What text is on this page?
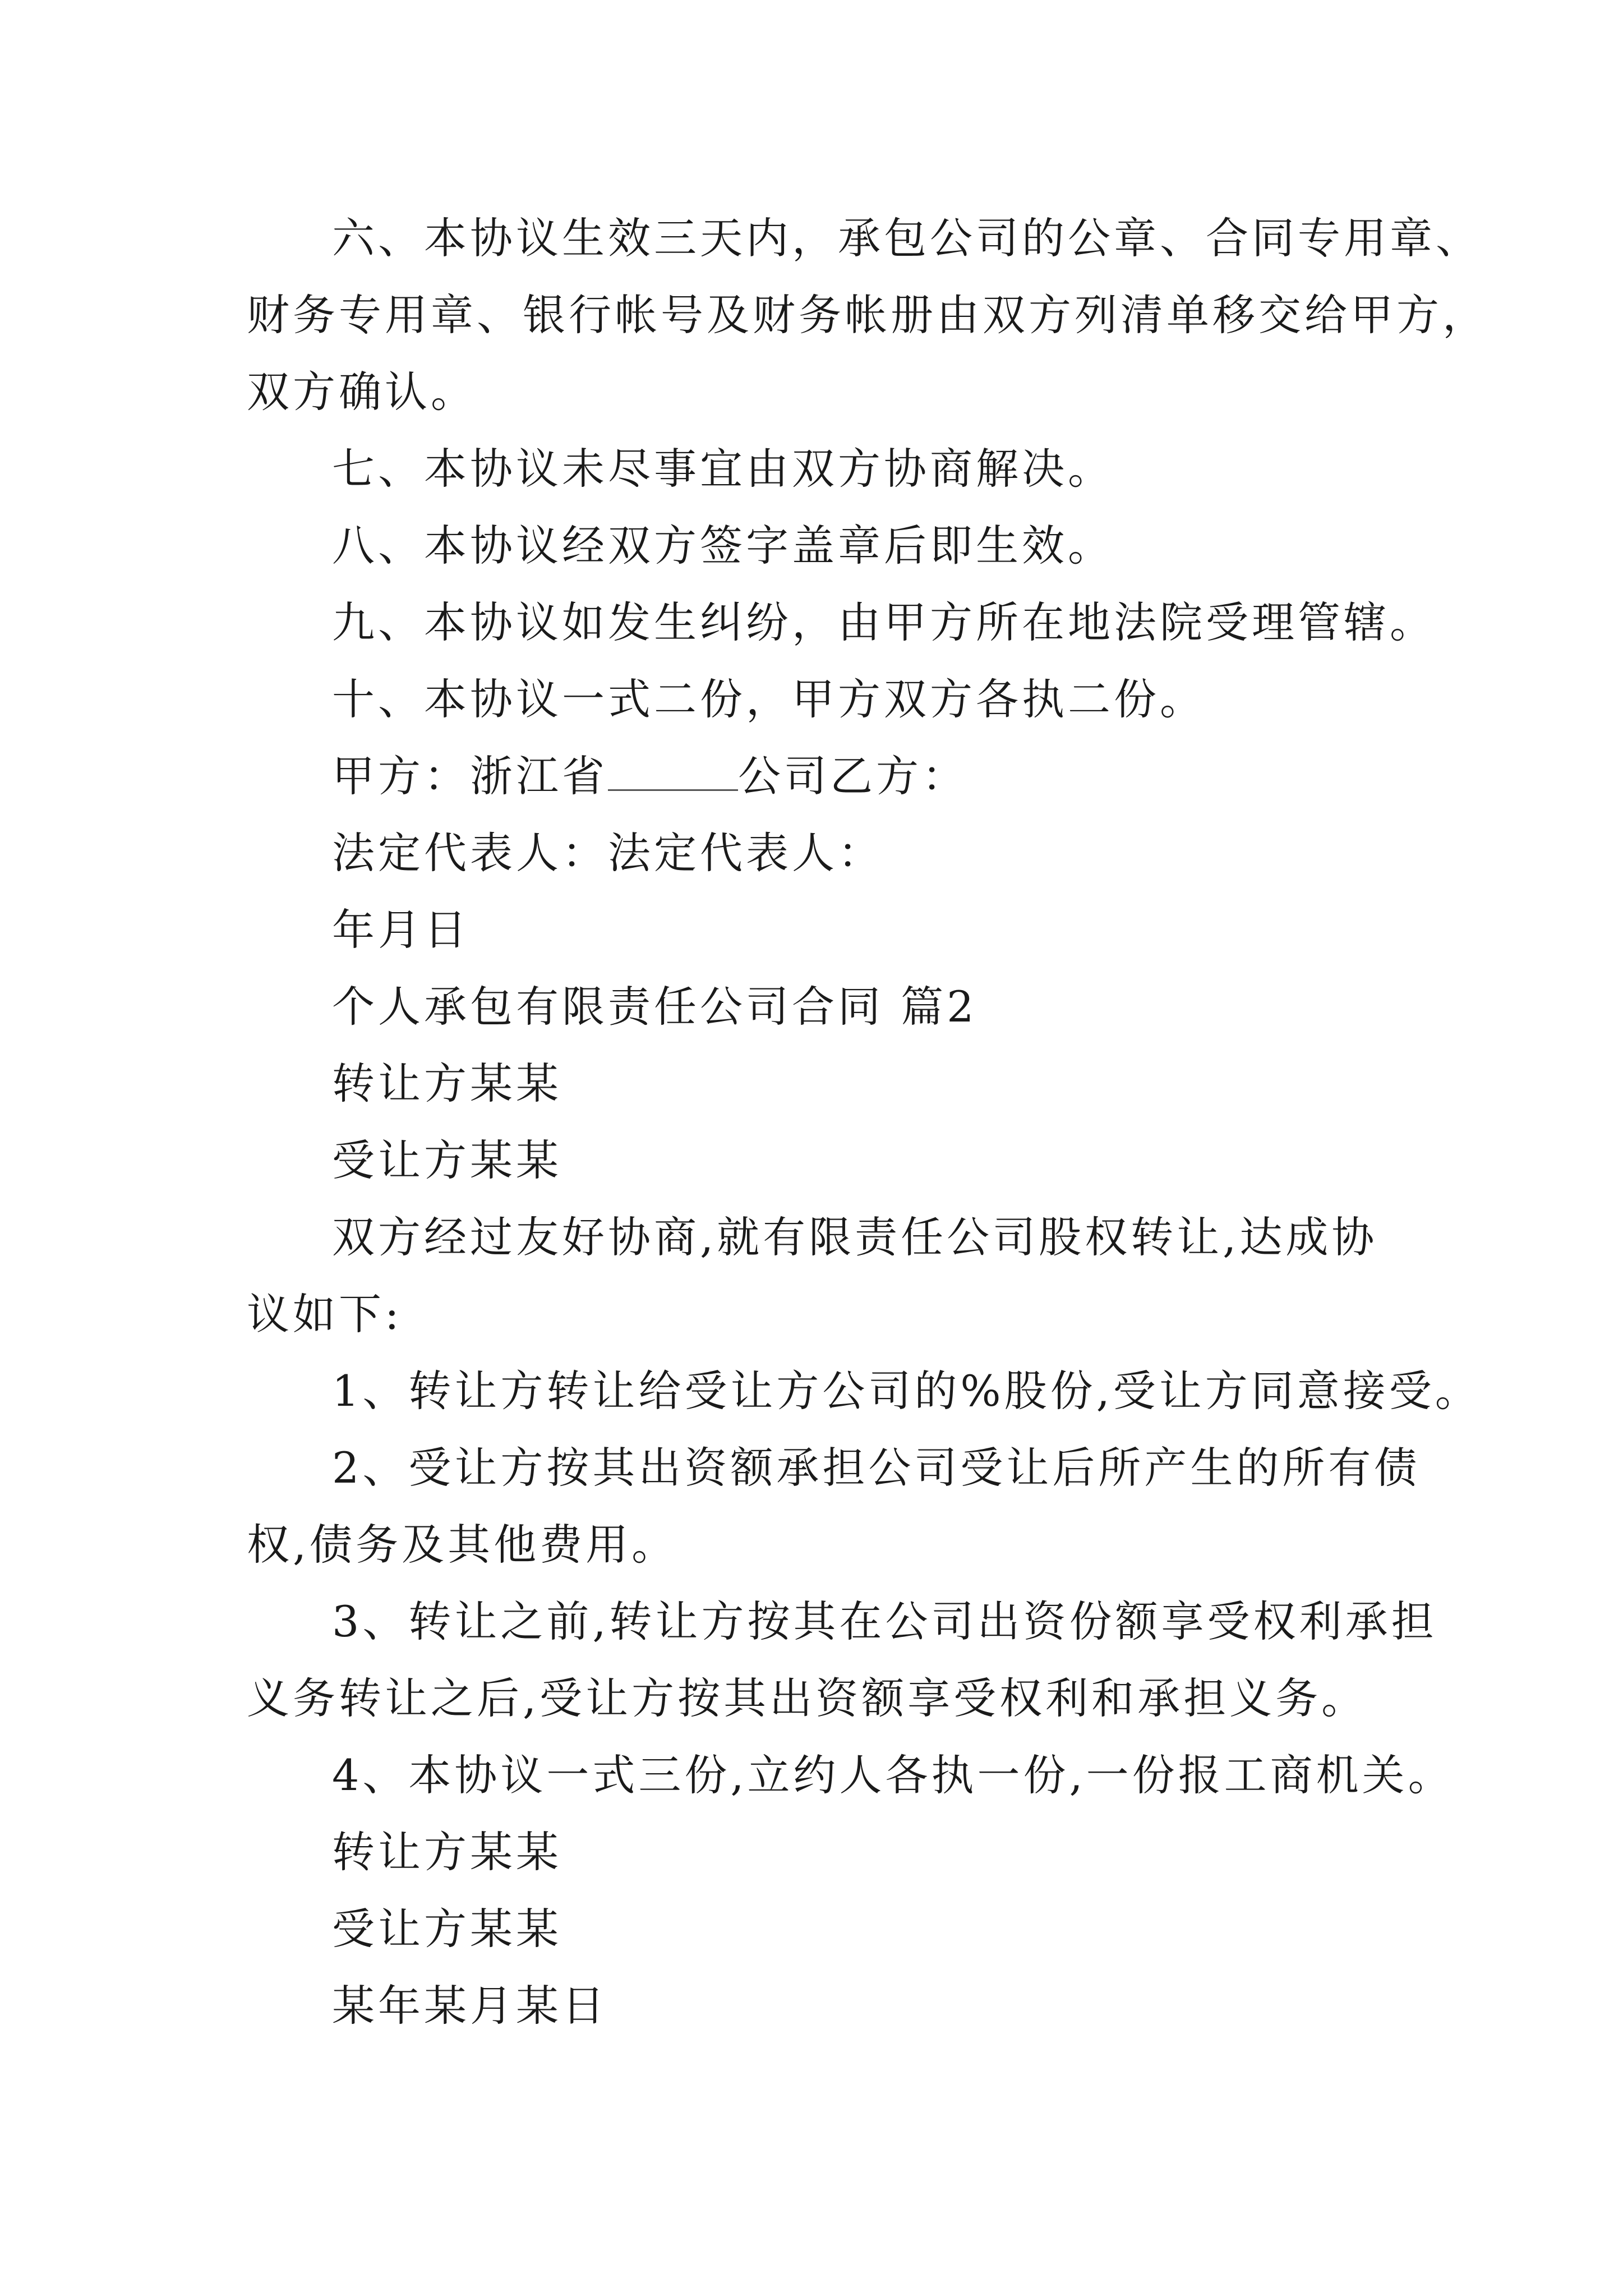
六、本协议生效三天内，承包公司的公章、合同专用章、
财务专用章、银行帐号及财务帐册由双方列清单移交给甲方，
双方确认。
七、本协议未尽事宜由双方协商解决。
八、本协议经双方签字盖章后即生效。
九、本协议如发生纠纷，由甲方所在地法院受理管辖。
十、本协议一式二份，甲方双方各执二份。
甲方：浙江省	公司乙方：
法定代表人：法定代表人：
年月日
个人承包有限责任公司合同 篇2
转让方某某
受让方某某
双方经过友好协商,就有限责任公司股权转让,达成协
议如下:
1、转让方转让给受让方公司的%股份,受让方同意接受。
2、受让方按其出资额承担公司受让后所产生的所有债
权,债务及其他费用。
3、转让之前,转让方按其在公司出资份额享受权利承担
义务转让之后,受让方按其出资额享受权利和承担义务。
4、本协议一式三份,立约人各执一份,一份报工商机关。
转让方某某
受让方某某
某年某月某日
